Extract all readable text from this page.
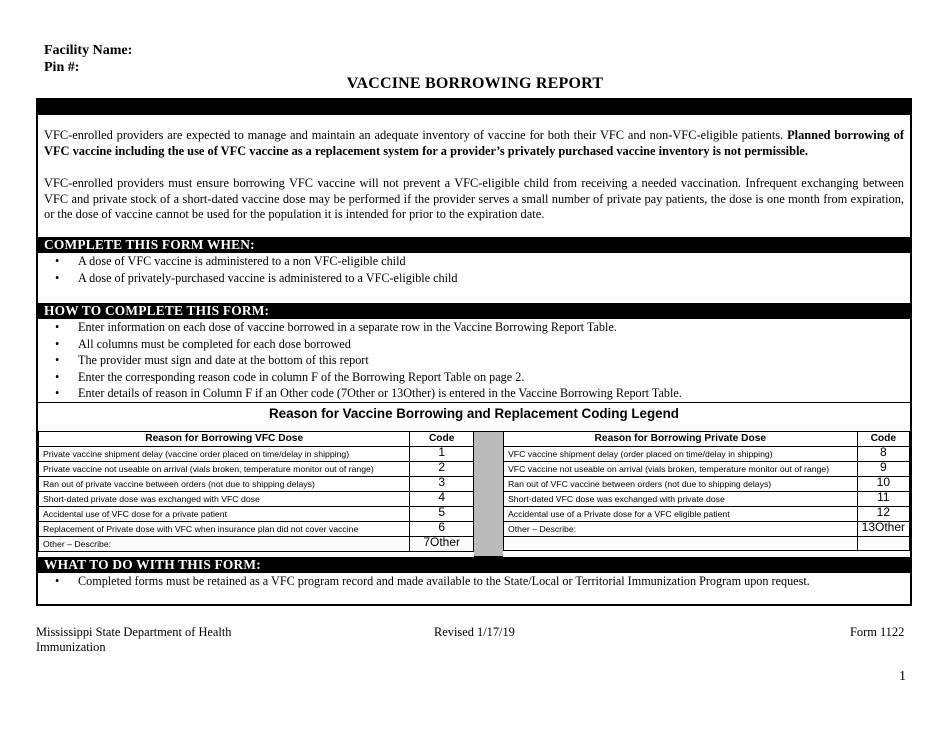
Facility Name:
Pin #:
VACCINE BORROWING REPORT
VFC-enrolled providers are expected to manage and maintain an adequate inventory of vaccine for both their VFC and non-VFC-eligible patients. Planned borrowing of VFC vaccine including the use of VFC vaccine as a replacement system for a provider’s privately purchased vaccine inventory is not permissible.
VFC-enrolled providers must ensure borrowing VFC vaccine will not prevent a VFC-eligible child from receiving a needed vaccination. Infrequent exchanging between VFC and private stock of a short-dated vaccine dose may be performed if the provider serves a small number of private pay patients, the dose is one month from expiration, or the dose of vaccine cannot be used for the population it is intended for prior to the expiration date.
COMPLETE THIS FORM WHEN:
• A dose of VFC vaccine is administered to a non VFC-eligible child
• A dose of privately-purchased vaccine is administered to a VFC-eligible child
HOW TO COMPLETE THIS FORM:
• Enter information on each dose of vaccine borrowed in a separate row in the Vaccine Borrowing Report Table.
• All columns must be completed for each dose borrowed
• The provider must sign and date at the bottom of this report
• Enter the corresponding reason code in column F of the Borrowing Report Table on page 2.
• Enter details of reason in Column F if an Other code (7Other or 13Other) is entered in the Vaccine Borrowing Report Table.
Reason for Vaccine Borrowing and Replacement Coding Legend
Reason for Borrowing VFC Dose	Code
Private vaccine shipment delay (vaccine order placed on time/delay in shipping)	1
Private vaccine not useable on arrival (vials broken, temperature monitor out of range)	2
Ran out of private vaccine between orders (not due to shipping delays)	3
Short-dated private dose was exchanged with VFC dose	4
Accidental use of VFC dose for a private patient	5
Replacement of Private dose with VFC when insurance plan did not cover vaccine	6
Other – Describe:	7Other
Reason for Borrowing Private Dose	Code
VFC vaccine shipment delay (order placed on time/delay in shipping)	8
VFC vaccine not useable on arrival (vials broken, temperature monitor out of range)	9
Ran out of VFC vaccine between orders (not due to shipping delays)	10
Short-dated VFC dose was exchanged with private dose	11
Accidental use of a Private dose for a VFC eligible patient	12
Other – Describe:	13Other

WHAT TO DO WITH THIS FORM:
• Completed forms must be retained as a VFC program record and made available to the State/Local or Territorial Immunization Program upon request.
Mississippi State Department of Health
Immunization
Revised 1/17/19	Form 1122
1
